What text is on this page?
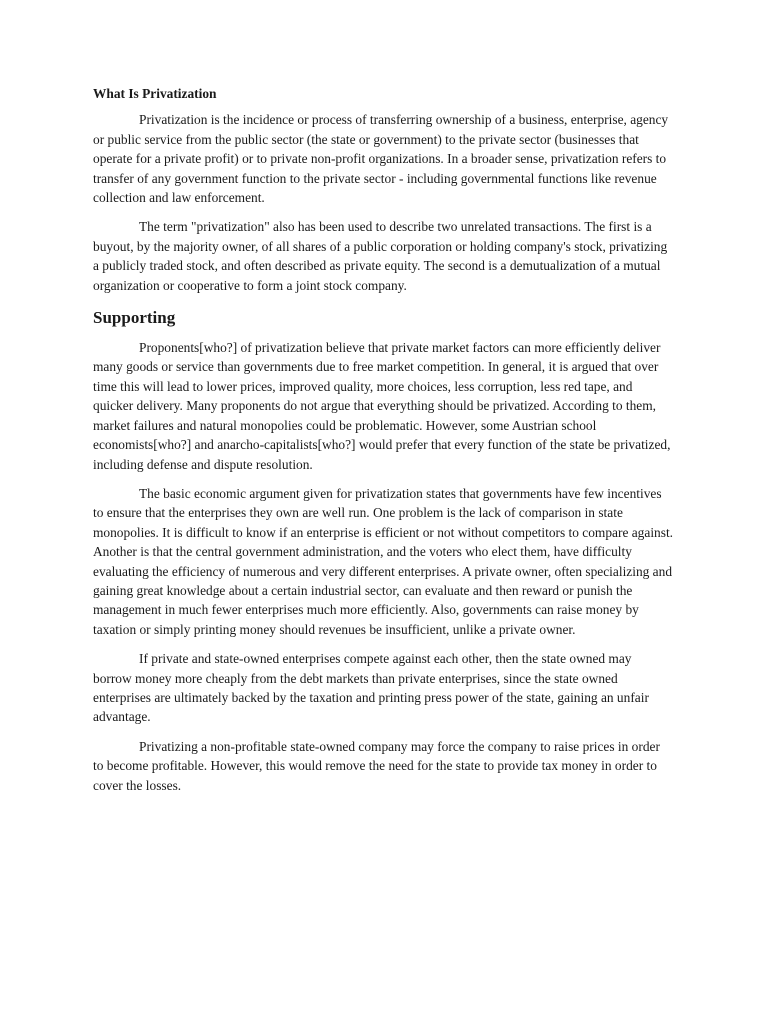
What Is Privatization

Privatization is the incidence or process of transferring ownership of a business, enterprise, agency or public service from the public sector (the state or government) to the private sector (businesses that operate for a private profit) or to private non-profit organizations. In a broader sense, privatization refers to transfer of any government function to the private sector - including governmental functions like revenue collection and law enforcement.

The term "privatization" also has been used to describe two unrelated transactions. The first is a buyout, by the majority owner, of all shares of a public corporation or holding company's stock, privatizing a publicly traded stock, and often described as private equity. The second is a demutualization of a mutual organization or cooperative to form a joint stock company.

Supporting

Proponents[who?] of privatization believe that private market factors can more efficiently deliver many goods or service than governments due to free market competition. In general, it is argued that over time this will lead to lower prices, improved quality, more choices, less corruption, less red tape, and quicker delivery. Many proponents do not argue that everything should be privatized. According to them, market failures and natural monopolies could be problematic. However, some Austrian school economists[who?] and anarcho-capitalists[who?] would prefer that every function of the state be privatized, including defense and dispute resolution.

The basic economic argument given for privatization states that governments have few incentives to ensure that the enterprises they own are well run. One problem is the lack of comparison in state monopolies. It is difficult to know if an enterprise is efficient or not without competitors to compare against. Another is that the central government administration, and the voters who elect them, have difficulty evaluating the efficiency of numerous and very different enterprises. A private owner, often specializing and gaining great knowledge about a certain industrial sector, can evaluate and then reward or punish the management in much fewer enterprises much more efficiently. Also, governments can raise money by taxation or simply printing money should revenues be insufficient, unlike a private owner.

If private and state-owned enterprises compete against each other, then the state owned may borrow money more cheaply from the debt markets than private enterprises, since the state owned enterprises are ultimately backed by the taxation and printing press power of the state, gaining an unfair advantage.

Privatizing a non-profitable state-owned company may force the company to raise prices in order to become profitable. However, this would remove the need for the state to provide tax money in order to cover the losses.
